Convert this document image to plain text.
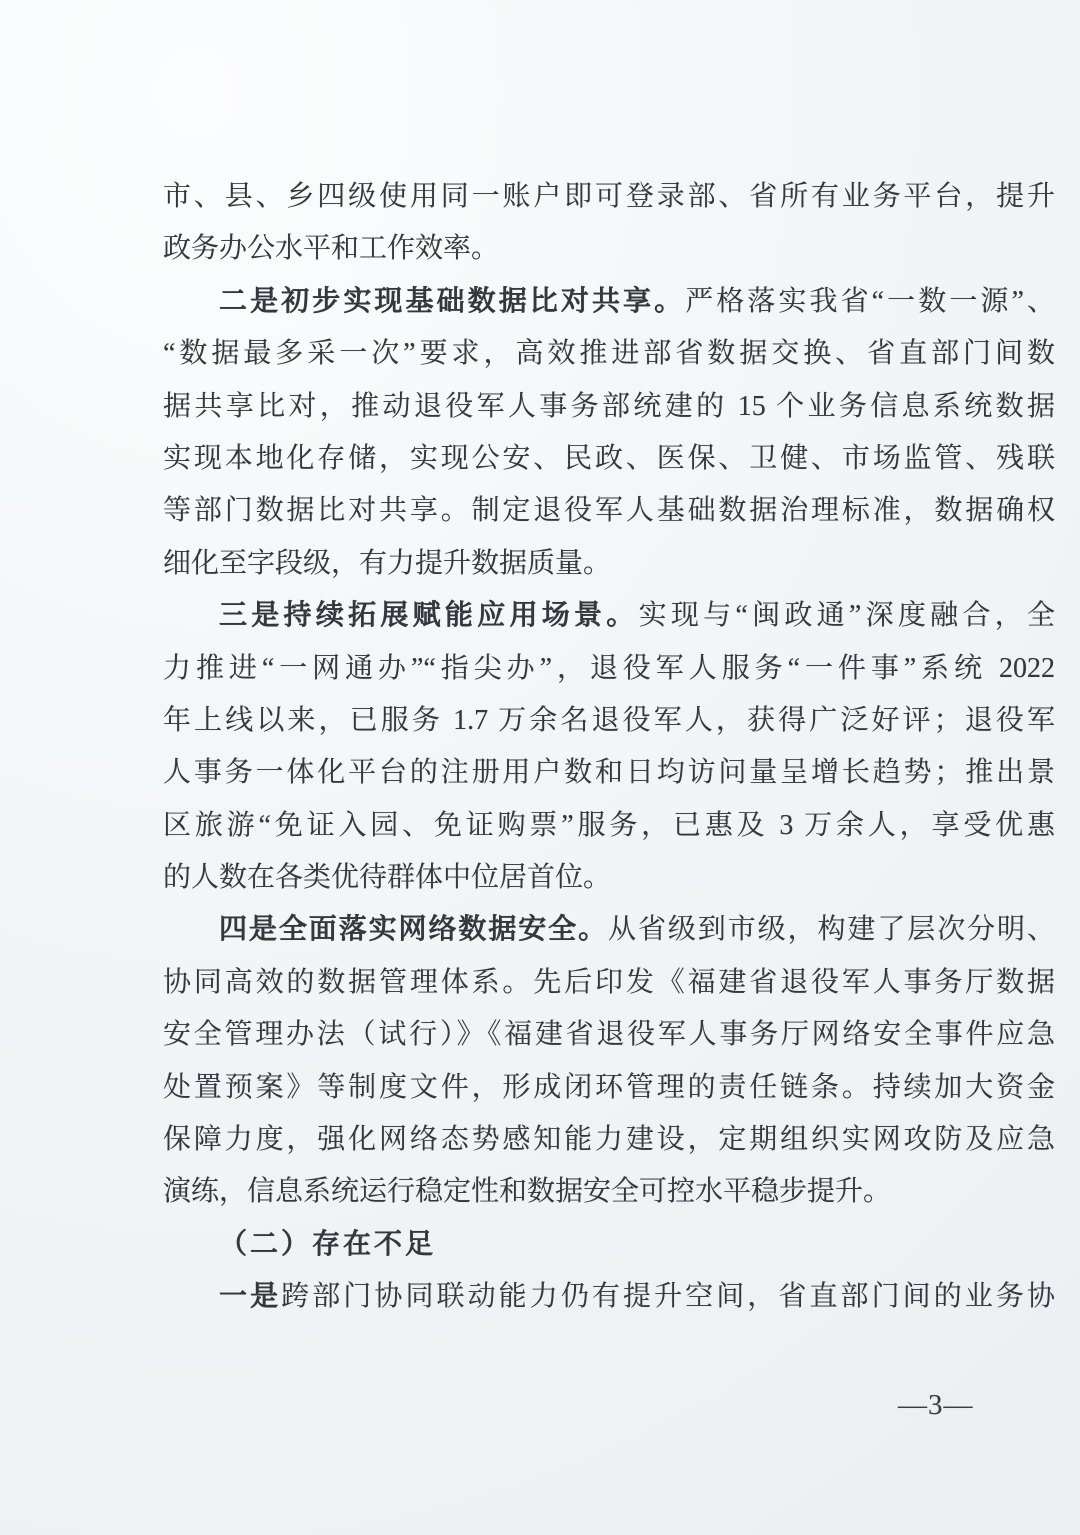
市、县、乡四级使用同一账户即可登录部、省所有业务平台，提升
政务办公水平和工作效率。
二是初步实现基础数据比对共享。严格落实我省“一数一源”、
“数据最多采一次”要求，高效推进部省数据交换、省直部门间数
据共享比对，推动退役军人事务部统建的 15 个业务信息系统数据
实现本地化存储，实现公安、民政、医保、卫健、市场监管、残联
等部门数据比对共享。制定退役军人基础数据治理标准，数据确权
细化至字段级，有力提升数据质量。
三是持续拓展赋能应用场景。实现与“闽政通”深度融合，全
力推进“一网通办”“指尖办”，退役军人服务“一件事”系统 2022
年上线以来，已服务 1.7 万余名退役军人，获得广泛好评；退役军
人事务一体化平台的注册用户数和日均访问量呈增长趋势；推出景
区旅游“免证入园、免证购票”服务，已惠及 3 万余人，享受优惠
的人数在各类优待群体中位居首位。
四是全面落实网络数据安全。从省级到市级，构建了层次分明、
协同高效的数据管理体系。先后印发《福建省退役军人事务厅数据
安全管理办法（试行）》《福建省退役军人事务厅网络安全事件应急
处置预案》等制度文件，形成闭环管理的责任链条。持续加大资金
保障力度，强化网络态势感知能力建设，定期组织实网攻防及应急
演练，信息系统运行稳定性和数据安全可控水平稳步提升。
（二）存在不足
一是跨部门协同联动能力仍有提升空间，省直部门间的业务协
—3—
